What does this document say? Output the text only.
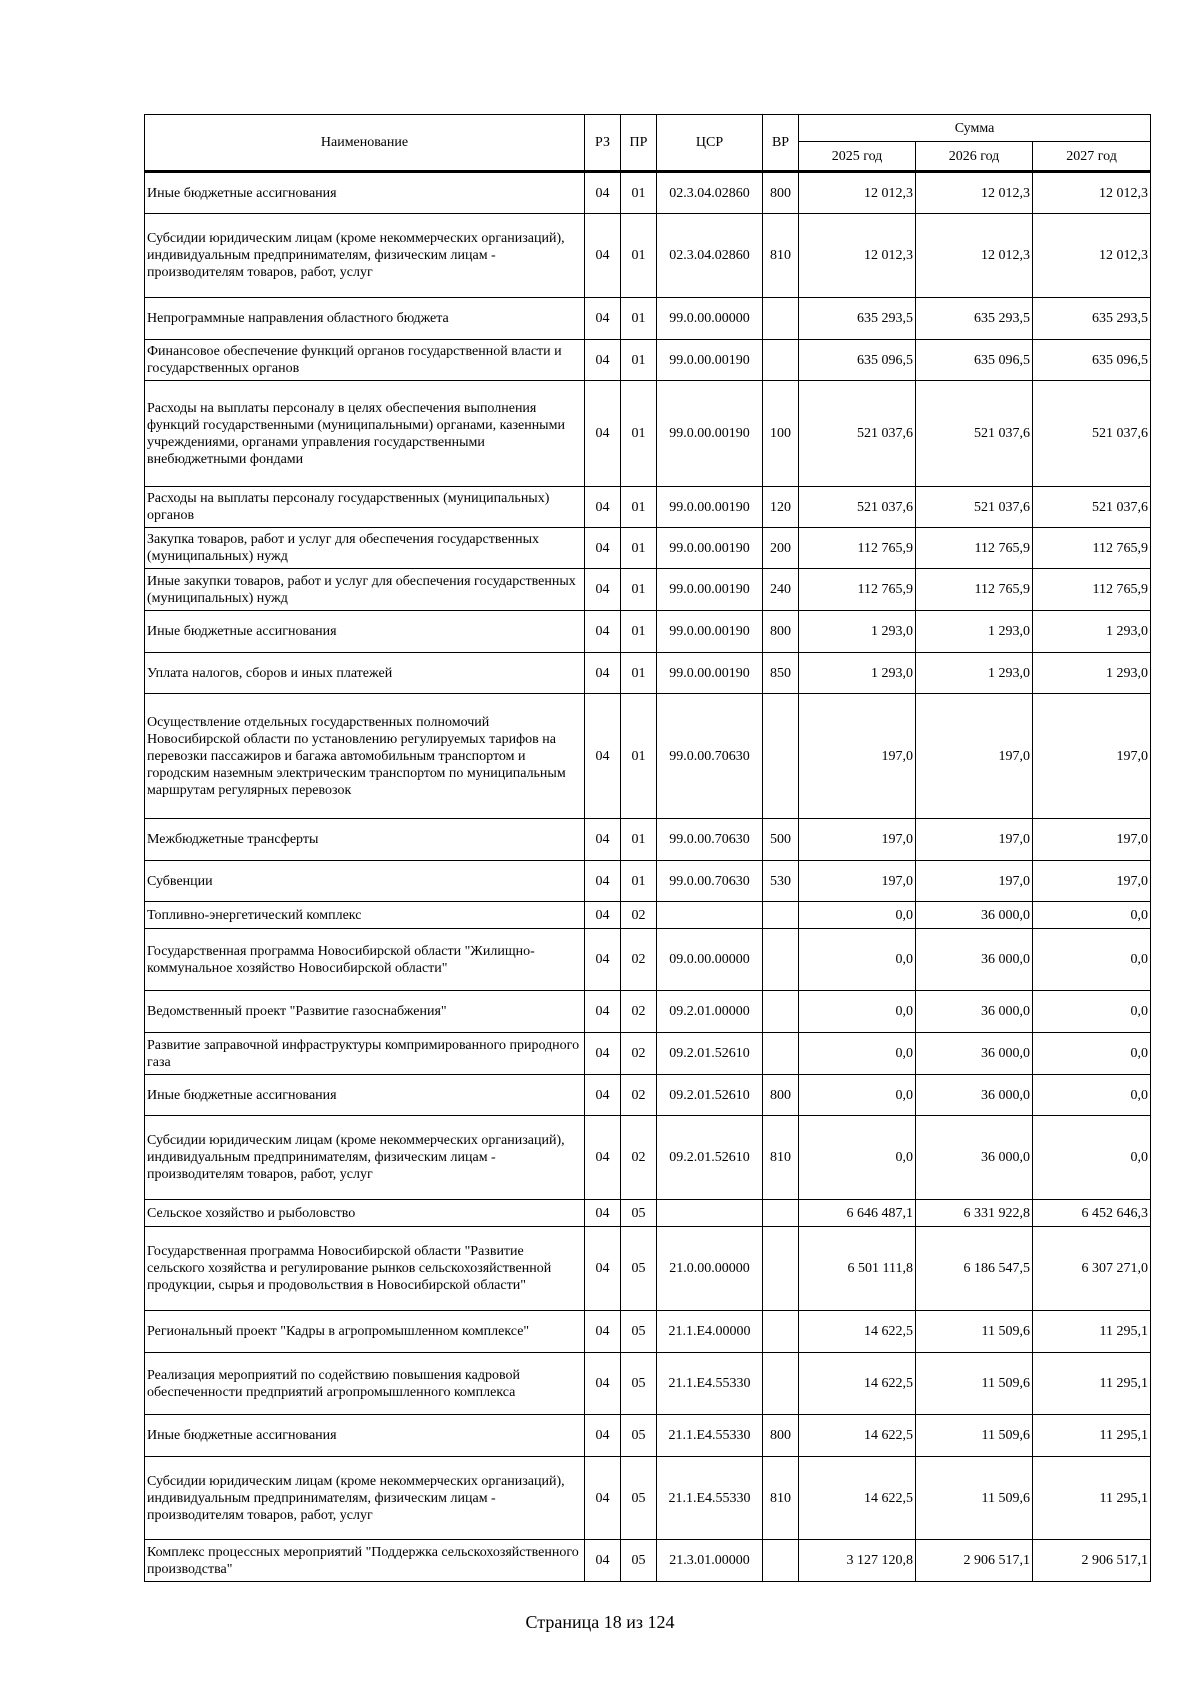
Наименование	РЗ	ПР	ЦСР	ВР	Сумма		
					2025 год	2026 год	2027 год
Иные бюджетные ассигнования	04	01	02.3.04.02860	800	12 012,3	12 012,3	12 012,3
Субсидии юридическим лицам (кроме некоммерческих организаций), индивидуальным предпринимателям, физическим лицам - производителям товаров, работ, услуг	04	01	02.3.04.02860	810	12 012,3	12 012,3	12 012,3
Непрограммные направления областного бюджета	04	01	99.0.00.00000		635 293,5	635 293,5	635 293,5
Финансовое обеспечение функций органов государственной власти и государственных органов	04	01	99.0.00.00190		635 096,5	635 096,5	635 096,5
Расходы на выплаты персоналу в целях обеспечения выполнения функций государственными (муниципальными) органами, казенными учреждениями, органами управления государственными внебюджетными фондами	04	01	99.0.00.00190	100	521 037,6	521 037,6	521 037,6
Расходы на выплаты персоналу государственных (муниципальных) органов	04	01	99.0.00.00190	120	521 037,6	521 037,6	521 037,6
Закупка товаров, работ и услуг для обеспечения государственных (муниципальных) нужд	04	01	99.0.00.00190	200	112 765,9	112 765,9	112 765,9
Иные закупки товаров, работ и услуг для обеспечения государственных (муниципальных) нужд	04	01	99.0.00.00190	240	112 765,9	112 765,9	112 765,9
Иные бюджетные ассигнования	04	01	99.0.00.00190	800	1 293,0	1 293,0	1 293,0
Уплата налогов, сборов и иных платежей	04	01	99.0.00.00190	850	1 293,0	1 293,0	1 293,0
Осуществление отдельных государственных полномочий Новосибирской области по установлению регулируемых тарифов на перевозки пассажиров и багажа автомобильным транспортом и городским наземным электрическим транспортом по муниципальным маршрутам регулярных перевозок	04	01	99.0.00.70630		197,0	197,0	197,0
Межбюджетные трансферты	04	01	99.0.00.70630	500	197,0	197,0	197,0
Субвенции	04	01	99.0.00.70630	530	197,0	197,0	197,0
Топливно-энергетический комплекс	04	02			0,0	36 000,0	0,0
Государственная программа Новосибирской области "Жилищно-коммунальное хозяйство Новосибирской области"	04	02	09.0.00.00000		0,0	36 000,0	0,0
Ведомственный проект "Развитие газоснабжения"	04	02	09.2.01.00000		0,0	36 000,0	0,0
Развитие заправочной инфраструктуры компримированного природного газа	04	02	09.2.01.52610		0,0	36 000,0	0,0
Иные бюджетные ассигнования	04	02	09.2.01.52610	800	0,0	36 000,0	0,0
Субсидии юридическим лицам (кроме некоммерческих организаций), индивидуальным предпринимателям, физическим лицам - производителям товаров, работ, услуг	04	02	09.2.01.52610	810	0,0	36 000,0	0,0
Сельское хозяйство и рыболовство	04	05			6 646 487,1	6 331 922,8	6 452 646,3
Государственная программа Новосибирской области "Развитие сельского хозяйства и регулирование рынков сельскохозяйственной продукции, сырья и продовольствия в Новосибирской области"	04	05	21.0.00.00000		6 501 111,8	6 186 547,5	6 307 271,0
Региональный проект "Кадры в агропромышленном комплексе"	04	05	21.1.Е4.00000		14 622,5	11 509,6	11 295,1
Реализация мероприятий по содействию повышения кадровой обеспеченности предприятий агропромышленного комплекса	04	05	21.1.Е4.55330		14 622,5	11 509,6	11 295,1
Иные бюджетные ассигнования	04	05	21.1.Е4.55330	800	14 622,5	11 509,6	11 295,1
Субсидии юридическим лицам (кроме некоммерческих организаций), индивидуальным предпринимателям, физическим лицам - производителям товаров, работ, услуг	04	05	21.1.Е4.55330	810	14 622,5	11 509,6	11 295,1
Комплекс процессных мероприятий "Поддержка сельскохозяйственного производства"	04	05	21.3.01.00000		3 127 120,8	2 906 517,1	2 906 517,1
Страница 18 из 124
